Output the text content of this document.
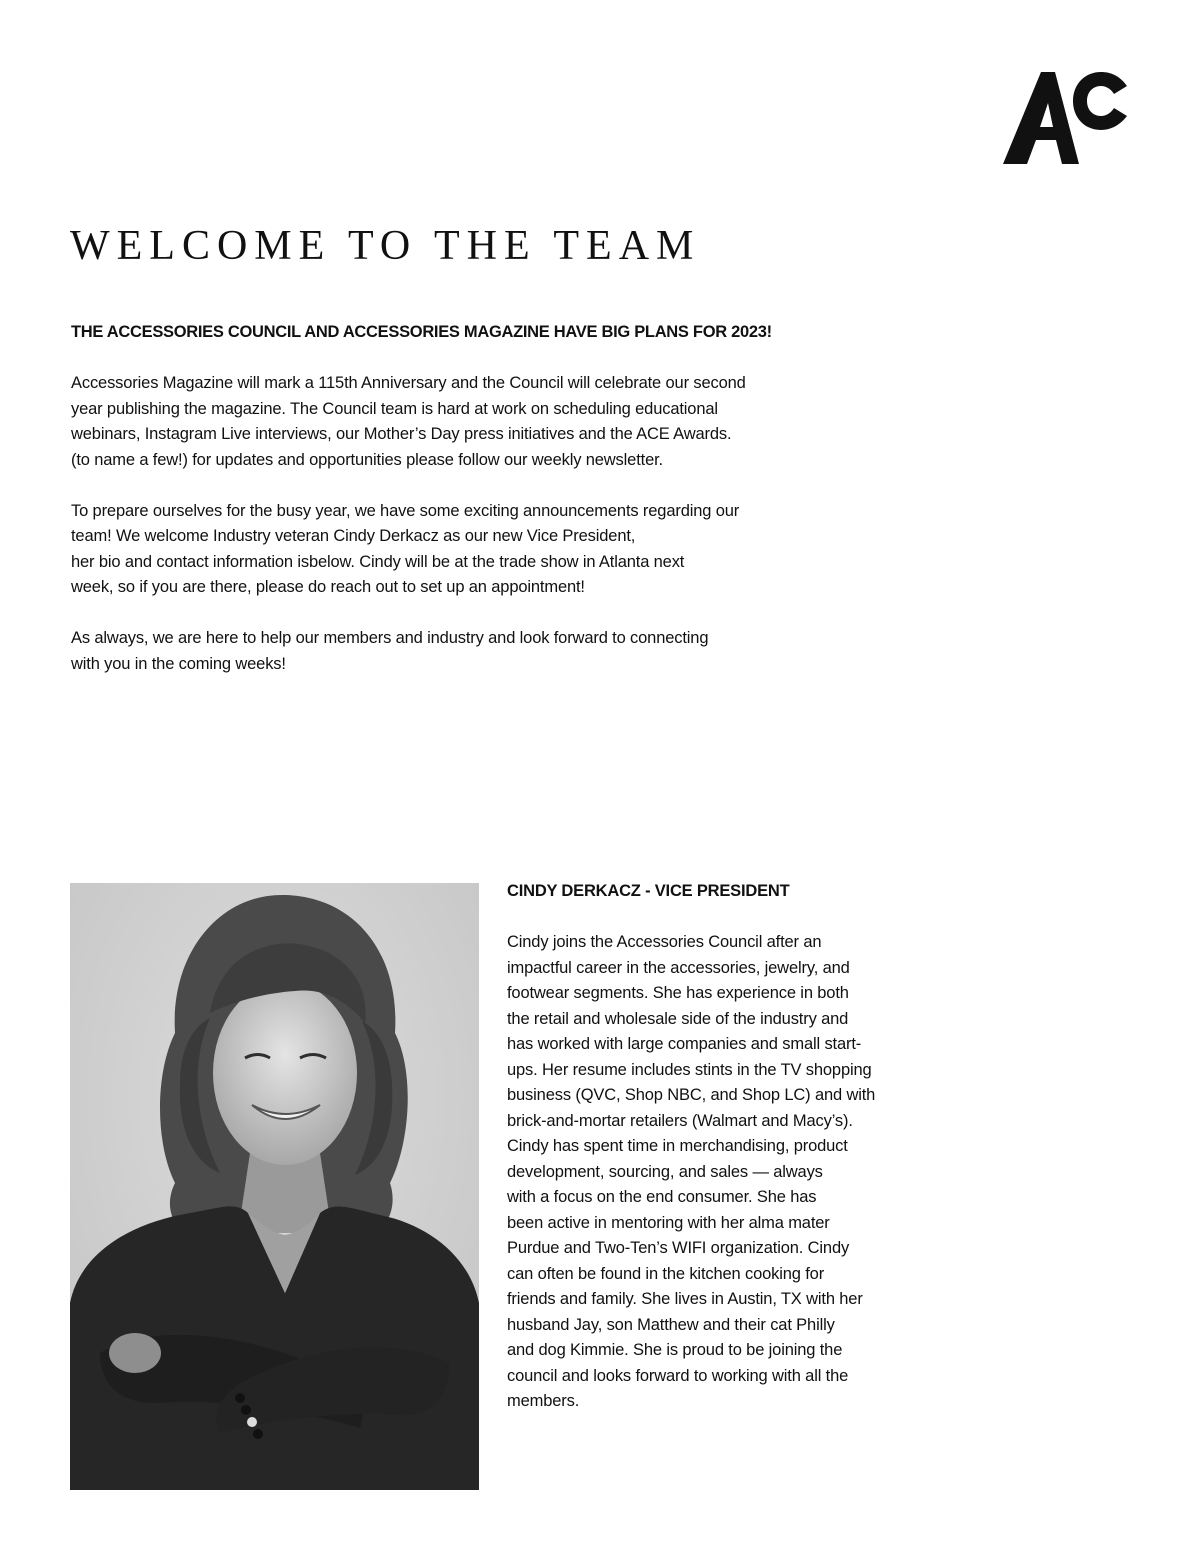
WELCOME TO THE TEAM
THE ACCESSORIES COUNCIL AND ACCESSORIES MAGAZINE HAVE BIG PLANS FOR 2023!

Accessories Magazine will mark a 115th Anniversary and the Council will celebrate our second
year publishing the magazine. The Council team is hard at work on scheduling educational
webinars, Instagram Live interviews, our Mother’s Day press initiatives and the ACE Awards.
(to name a few!) for updates and opportunities please follow our weekly newsletter.

To prepare ourselves for the busy year, we have some exciting announcements regarding our
team! We welcome Industry veteran Cindy Derkacz as our new Vice President,
her bio and contact information isbelow. Cindy will be at the trade show in Atlanta next
week, so if you are there, please do reach out to set up an appointment!

As always, we are here to help our members and industry and look forward to connecting
with you in the coming weeks!

CINDY DERKACZ - VICE PRESIDENT
Cindy joins the Accessories Council after an
impactful career in the accessories, jewelry, and
footwear segments. She has experience in both
the retail and wholesale side of the industry and
has worked with large companies and small start-
ups. Her resume includes stints in the TV shopping
business (QVC, Shop NBC, and Shop LC) and with
brick-and-mortar retailers (Walmart and Macy’s).
Cindy has spent time in merchandising, product
development, sourcing, and sales — always
with a focus on the end consumer. She has
been active in mentoring with her alma mater
Purdue and Two-Ten’s WIFI organization. Cindy
can often be found in the kitchen cooking for
friends and family. She lives in Austin, TX with her
husband Jay, son Matthew and their cat Philly
and dog Kimmie. She is proud to be joining the
council and looks forward to working with all the
members.
